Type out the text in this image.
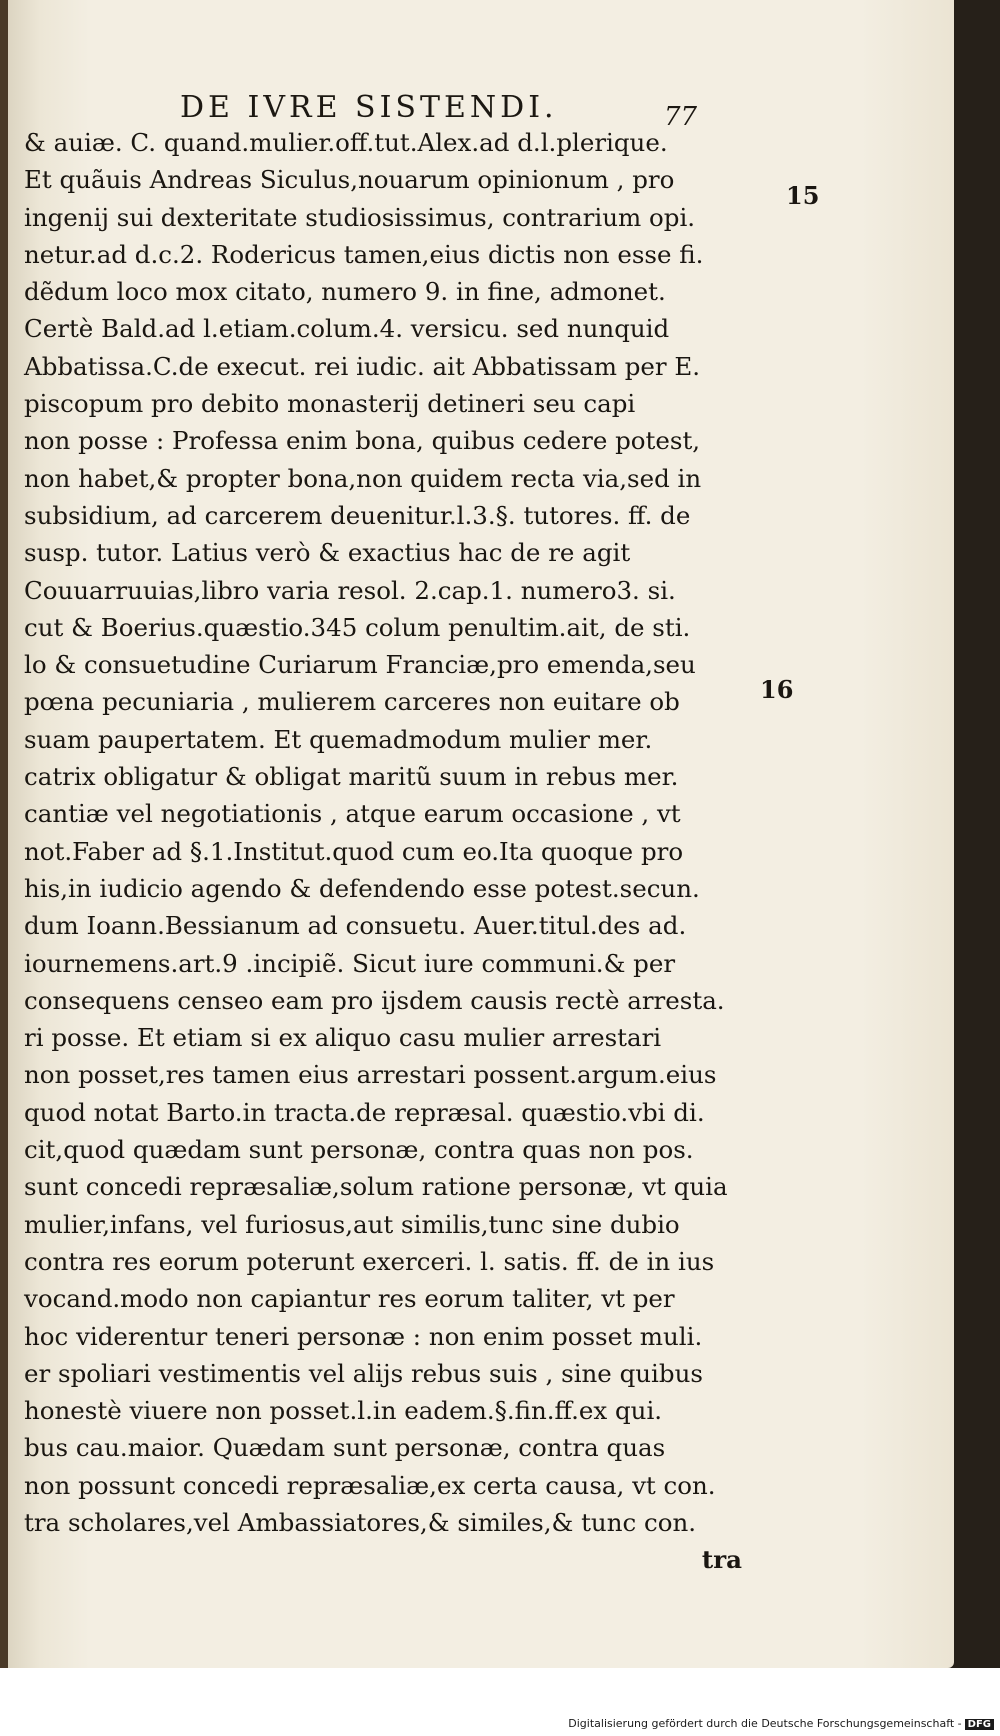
DE IVRE SISTENDI.	77
15
16
& auiæ. C. quand.mulier.off.tut.Alex.ad d.l.plerique.
Et quãuis Andreas Siculus,nouarum opinionum , pro
ingenij sui dexteritate studiosissimus, contrarium opi.
netur.ad d.c.2. Rodericus tamen,eius dictis non esse fi.
dẽdum loco mox citato, numero 9. in fine, admonet.
Certè Bald.ad l.etiam.colum.4. versicu. sed nunquid
Abbatissa.C.de execut. rei iudic. ait Abbatissam per E.
piscopum pro debito monasterij detineri seu capi
non posse : Professa enim bona, quibus cedere potest,
non habet,& propter bona,non quidem recta via,sed in
subsidium, ad carcerem deuenitur.l.3.§. tutores. ff. de
susp. tutor. Latius verò & exactius hac de re agit
Couuarruuias,libro varia resol. 2.cap.1. numero3. si.
cut & Boerius.quæstio.345 colum penultim.ait, de sti.
lo & consuetudine Curiarum Franciæ,pro emenda,seu
pœna pecuniaria , mulierem carceres non euitare ob
suam paupertatem. Et quemadmodum mulier mer.
catrix obligatur & obligat maritũ suum in rebus mer.
cantiæ vel negotiationis , atque earum occasione , vt
not.Faber ad §.1.Institut.quod cum eo.Ita quoque pro
his,in iudicio agendo & defendendo esse potest.secun.
dum Ioann.Bessianum ad consuetu. Auer.titul.des ad.
iournemens.art.9 .incipiẽ. Sicut iure communi.& per
consequens censeo eam pro ijsdem causis rectè arresta.
ri posse. Et etiam si ex aliquo casu mulier arrestari
non posset,res tamen eius arrestari possent.argum.eius
quod notat Barto.in tracta.de repræsal. quæstio.vbi di.
cit,quod quædam sunt personæ, contra quas non pos.
sunt concedi repræsaliæ,solum ratione personæ, vt quia
mulier,infans, vel furiosus,aut similis,tunc sine dubio
contra res eorum poterunt exerceri. l. satis. ff. de in ius
vocand.modo non capiantur res eorum taliter, vt per
hoc viderentur teneri personæ : non enim posset muli.
er spoliari vestimentis vel alijs rebus suis , sine quibus
honestè viuere non posset.l.in eadem.§.fin.ff.ex qui.
bus cau.maior. Quædam sunt personæ, contra quas
non possunt concedi repræsaliæ,ex certa causa, vt con.
tra scholares,vel Ambassiatores,& similes,& tunc con.
tra
Digitalisierung gefördert durch die Deutsche Forschungsgemeinschaft - DFG
